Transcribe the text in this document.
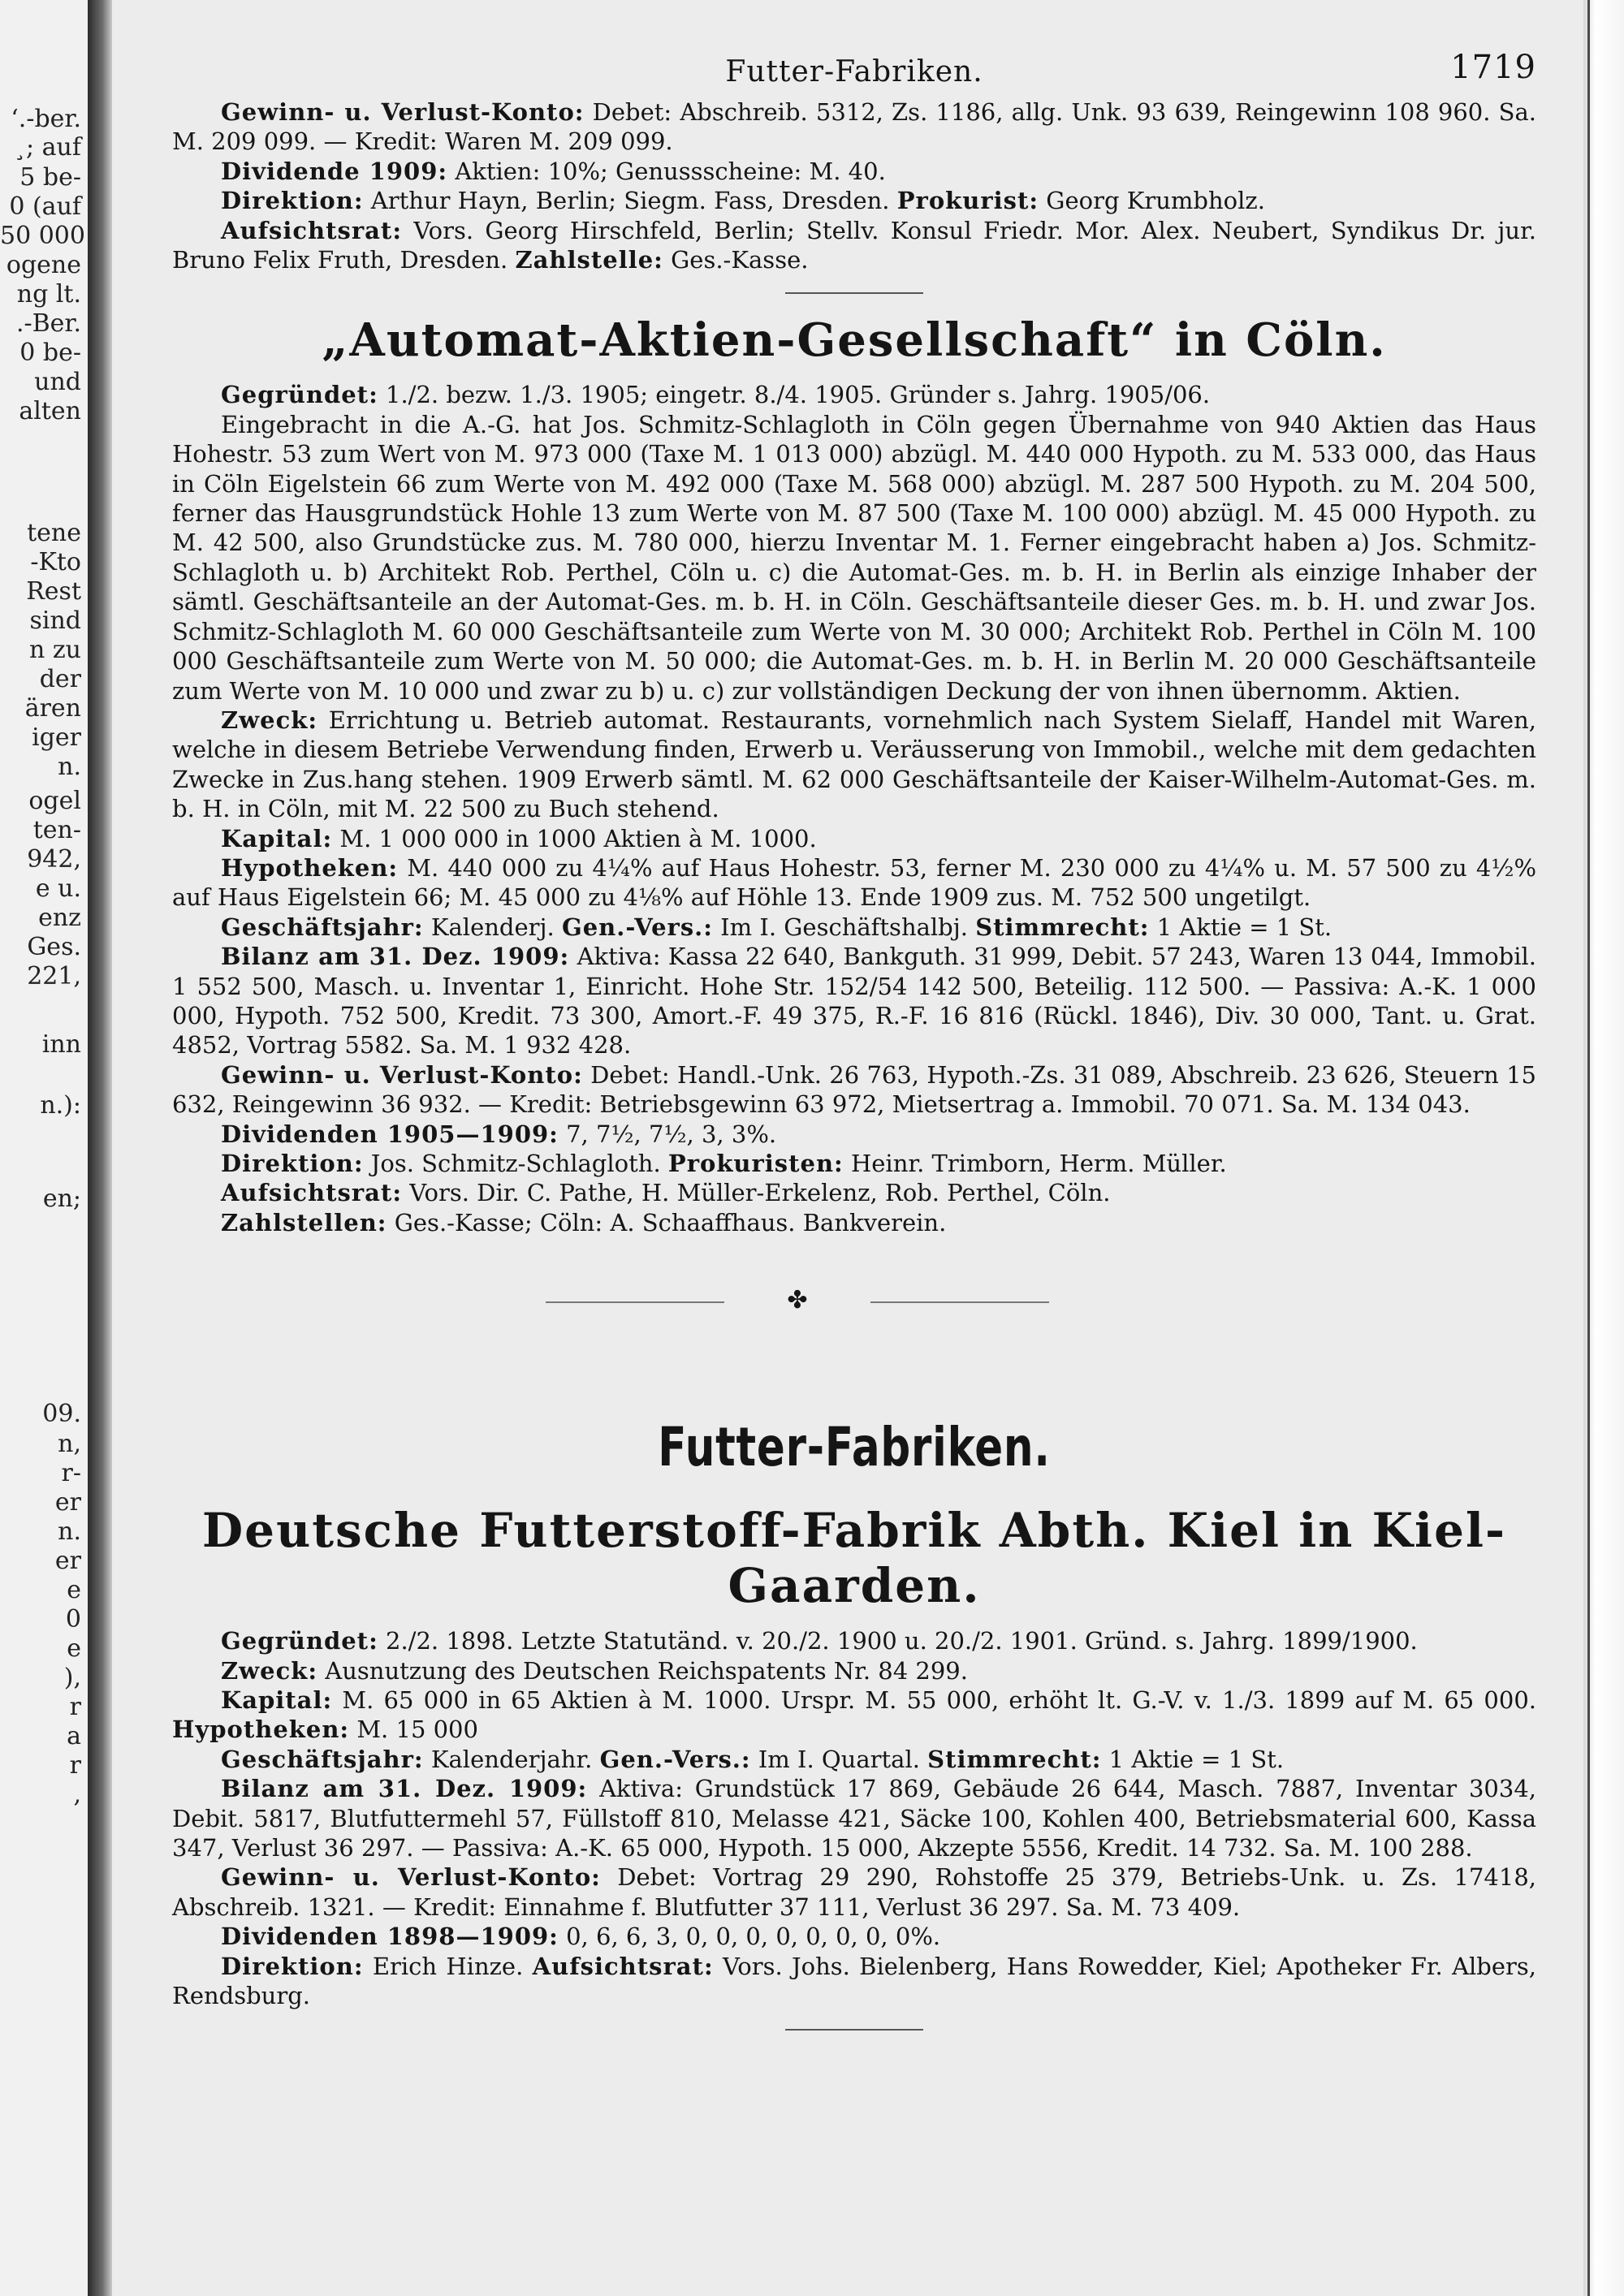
ʻ.-ber.
¸; auf
5 be-
0 (auf
50 000
ogene
ng lt.
.-Ber.
0 be-
und
alten
tene
-Kto
Rest
sind
n zu
der
ären
iger
n.
ogel
ten-
942,
e u.
enz
Ges.
221,
inn
n.):
en;
09.
n,
r-
er
n.
er
e
0
e
),
r
a
r
,
Futter-Fabriken.	1719

Gewinn- u. Verlust-Konto: Debet: Abschreib. 5312, Zs. 1186, allg. Unk. 93 639, Reingewinn 108 960. Sa. M. 209 099. — Kredit: Waren M. 209 099.

Dividende 1909: Aktien: 10%; Genussscheine: M. 40.

Direktion: Arthur Hayn, Berlin; Siegm. Fass, Dresden. Prokurist: Georg Krumbholz.

Aufsichtsrat: Vors. Georg Hirschfeld, Berlin; Stellv. Konsul Friedr. Mor. Alex. Neubert, Syndikus Dr. jur. Bruno Felix Fruth, Dresden. Zahlstelle: Ges.-Kasse.

„Automat-Aktien-Gesellschaft“ in Cöln.

Gegründet: 1./2. bezw. 1./3. 1905; eingetr. 8./4. 1905. Gründer s. Jahrg. 1905/06.

Eingebracht in die A.-G. hat Jos. Schmitz-Schlagloth in Cöln gegen Übernahme von 940 Aktien das Haus Hohestr. 53 zum Wert von M. 973 000 (Taxe M. 1 013 000) abzügl. M. 440 000 Hypoth. zu M. 533 000, das Haus in Cöln Eigelstein 66 zum Werte von M. 492 000 (Taxe M. 568 000) abzügl. M. 287 500 Hypoth. zu M. 204 500, ferner das Hausgrundstück Hohle 13 zum Werte von M. 87 500 (Taxe M. 100 000) abzügl. M. 45 000 Hypoth. zu M. 42 500, also Grundstücke zus. M. 780 000, hierzu Inventar M. 1. Ferner eingebracht haben a) Jos. Schmitz-Schlagloth u. b) Architekt Rob. Perthel, Cöln u. c) die Automat-Ges. m. b. H. in Berlin als einzige Inhaber der sämtl. Geschäftsanteile an der Automat-Ges. m. b. H. in Cöln. Geschäftsanteile dieser Ges. m. b. H. und zwar Jos. Schmitz-Schlagloth M. 60 000 Geschäftsanteile zum Werte von M. 30 000; Architekt Rob. Perthel in Cöln M. 100 000 Geschäftsanteile zum Werte von M. 50 000; die Automat-Ges. m. b. H. in Berlin M. 20 000 Geschäftsanteile zum Werte von M. 10 000 und zwar zu b) u. c) zur vollständigen Deckung der von ihnen übernomm. Aktien.

Zweck: Errichtung u. Betrieb automat. Restaurants, vornehmlich nach System Sielaff, Handel mit Waren, welche in diesem Betriebe Verwendung finden, Erwerb u. Veräusserung von Immobil., welche mit dem gedachten Zwecke in Zus.hang stehen. 1909 Erwerb sämtl. M. 62 000 Geschäftsanteile der Kaiser-Wilhelm-Automat-Ges. m. b. H. in Cöln, mit M. 22 500 zu Buch stehend.

Kapital: M. 1 000 000 in 1000 Aktien à M. 1000.

Hypotheken: M. 440 000 zu 4¼% auf Haus Hohestr. 53, ferner M. 230 000 zu 4¼% u. M. 57 500 zu 4½% auf Haus Eigelstein 66; M. 45 000 zu 4⅛% auf Höhle 13. Ende 1909 zus. M. 752 500 ungetilgt.

Geschäftsjahr: Kalenderj. Gen.-Vers.: Im I. Geschäftshalbj. Stimmrecht: 1 Aktie = 1 St.

Bilanz am 31. Dez. 1909: Aktiva: Kassa 22 640, Bankguth. 31 999, Debit. 57 243, Waren 13 044, Immobil. 1 552 500, Masch. u. Inventar 1, Einricht. Hohe Str. 152/54 142 500, Beteilig. 112 500. — Passiva: A.-K. 1 000 000, Hypoth. 752 500, Kredit. 73 300, Amort.-F. 49 375, R.-F. 16 816 (Rückl. 1846), Div. 30 000, Tant. u. Grat. 4852, Vortrag 5582. Sa. M. 1 932 428.

Gewinn- u. Verlust-Konto: Debet: Handl.-Unk. 26 763, Hypoth.-Zs. 31 089, Abschreib. 23 626, Steuern 15 632, Reingewinn 36 932. — Kredit: Betriebsgewinn 63 972, Mietsertrag a. Immobil. 70 071. Sa. M. 134 043.

Dividenden 1905—1909: 7, 7½, 7½, 3, 3%.

Direktion: Jos. Schmitz-Schlagloth. Prokuristen: Heinr. Trimborn, Herm. Müller.

Aufsichtsrat: Vors. Dir. C. Pathe, H. Müller-Erkelenz, Rob. Perthel, Cöln.

Zahlstellen: Ges.-Kasse; Cöln: A. Schaaffhaus. Bankverein.

✤
Futter-Fabriken.
Deutsche Futterstoff-Fabrik Abth. Kiel in Kiel-Gaarden.

Gegründet: 2./2. 1898. Letzte Statutänd. v. 20./2. 1900 u. 20./2. 1901. Gründ. s. Jahrg. 1899/1900.

Zweck: Ausnutzung des Deutschen Reichspatents Nr. 84 299.

Kapital: M. 65 000 in 65 Aktien à M. 1000. Urspr. M. 55 000, erhöht lt. G.-V. v. 1./3. 1899 auf M. 65 000. Hypotheken: M. 15 000

Geschäftsjahr: Kalenderjahr. Gen.-Vers.: Im I. Quartal. Stimmrecht: 1 Aktie = 1 St.

Bilanz am 31. Dez. 1909: Aktiva: Grundstück 17 869, Gebäude 26 644, Masch. 7887, Inventar 3034, Debit. 5817, Blutfuttermehl 57, Füllstoff 810, Melasse 421, Säcke 100, Kohlen 400, Betriebsmaterial 600, Kassa 347, Verlust 36 297. — Passiva: A.-K. 65 000, Hypoth. 15 000, Akzepte 5556, Kredit. 14 732. Sa. M. 100 288.

Gewinn- u. Verlust-Konto: Debet: Vortrag 29 290, Rohstoffe 25 379, Betriebs-Unk. u. Zs. 17418, Abschreib. 1321. — Kredit: Einnahme f. Blutfutter 37 111, Verlust 36 297. Sa. M. 73 409.

Dividenden 1898—1909: 0, 6, 6, 3, 0, 0, 0, 0, 0, 0, 0, 0%.

Direktion: Erich Hinze. Aufsichtsrat: Vors. Johs. Bielenberg, Hans Rowedder, Kiel; Apotheker Fr. Albers, Rendsburg.
